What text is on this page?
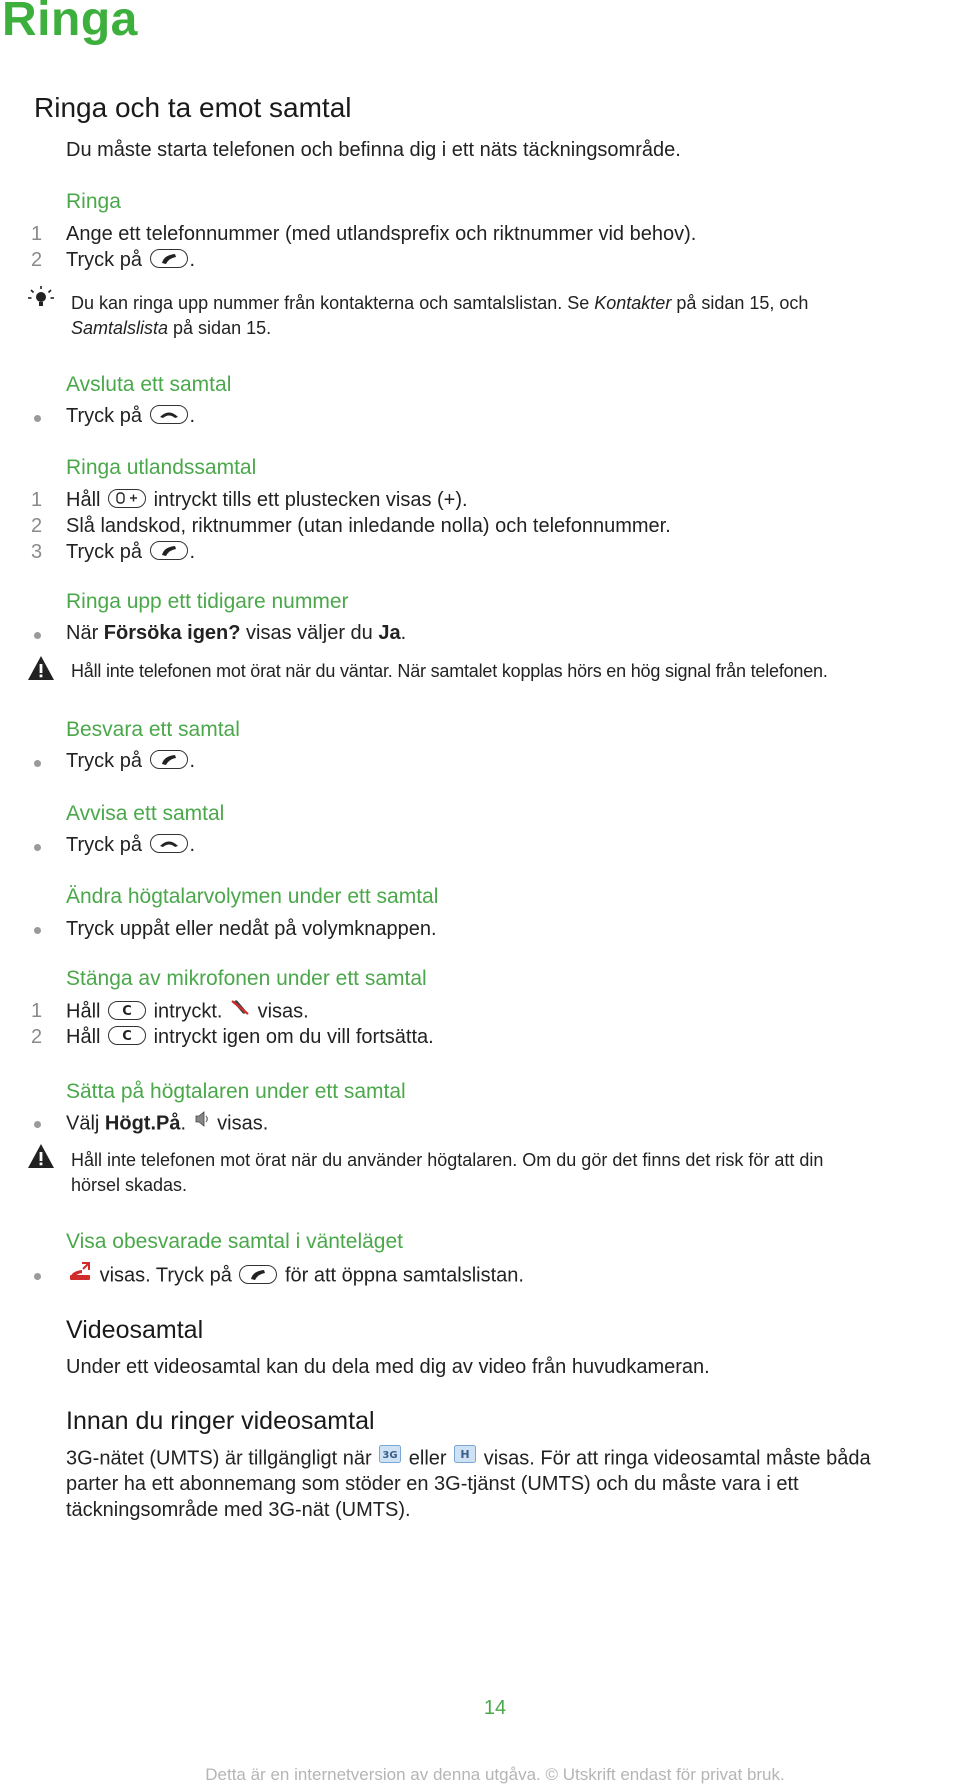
Ringa
Ringa och ta emot samtal
Du måste starta telefonen och befinna dig i ett näts täckningsområde.
Ringa
1 Ange ett telefonnummer (med utlandsprefix och riktnummer vid behov).
2 Tryck på .
Du kan ringa upp nummer från kontakterna och samtalslistan. Se Kontakter på sidan 15, och
Samtalslista på sidan 15.
Avsluta ett samtal
Tryck på .
Ringa utlandssamtal
1 Håll	intryckt tills ett plustecken visas (+).
2 Slå landskod, riktnummer (utan inledande nolla) och telefonnummer.
3 Tryck på .
Ringa upp ett tidigare nummer
När Försöka igen? visas väljer du Ja.
Håll inte telefonen mot örat när du väntar. När samtalet kopplas hörs en hög signal från telefonen.
Besvara ett samtal
Tryck på .
Avvisa ett samtal
Tryck på .
Ändra högtalarvolymen under ett samtal
Tryck uppåt eller nedåt på volymknappen.
Stänga av mikrofonen under ett samtal
1 Håll C intryckt. visas.
2 Håll C intryckt igen om du vill fortsätta.
Sätta på högtalaren under ett samtal
Välj Högt.På. visas.
Håll inte telefonen mot örat när du använder högtalaren. Om du gör det finns det risk för att din
hörsel skadas.
Visa obesvarade samtal i vänteläget
visas. Tryck på	för att öppna samtalslistan.
Videosamtal
Under ett videosamtal kan du dela med dig av video från huvudkameran.
Innan du ringer videosamtal
3G-nätet (UMTS) är tillgängligt när 3G eller H visas. För att ringa videosamtal måste båda
parter ha ett abonnemang som stöder en 3G-tjänst (UMTS) och du måste vara i ett
täckningsområde med 3G-nät (UMTS).
14
Detta är en internetversion av denna utgåva. © Utskrift endast för privat bruk.
